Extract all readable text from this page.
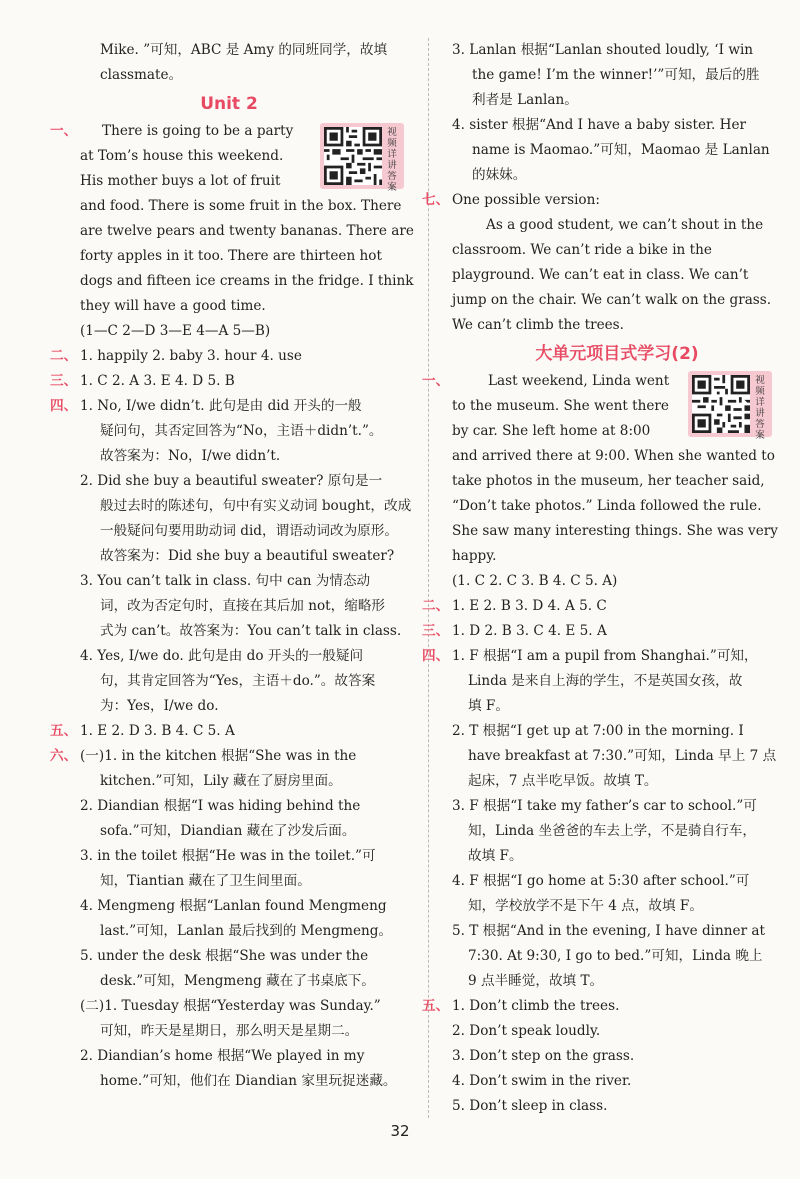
Mike. ”可知，ABC 是 Amy 的同班同学，故填

classmate。

Unit 2

一、 There is going to be a party

at Tom’s house this weekend.

His mother buys a lot of fruit

and food. There is some fruit in the box. There

are twelve pears and twenty bananas. There are

forty apples in it too. There are thirteen hot

dogs and fifteen ice creams in the fridge. I think

they will have a good time.

视频详讲答案

(1—C 2—D 3—E 4—A 5—B)

二、 1. happily 2. baby 3. hour 4. use

三、 1. C 2. A 3. E 4. D 5. B

四、 1. No, I/we didn’t. 此句是由 did 开头的一般

疑问句，其否定回答为“No，主语＋didn’t.”。

故答案为：No，I/we didn’t.

2. Did she buy a beautiful sweater? 原句是一

般过去时的陈述句，句中有实义动词 bought，改成

一般疑问句要用助动词 did，谓语动词改为原形。

故答案为：Did she buy a beautiful sweater?

3. You can’t talk in class. 句中 can 为情态动

词，改为否定句时，直接在其后加 not，缩略形

式为 can’t。故答案为：You can’t talk in class.

4. Yes, I/we do. 此句是由 do 开头的一般疑问

句，其肯定回答为“Yes，主语＋do.”。故答案

为：Yes，I/we do.

五、 1. E 2. D 3. B 4. C 5. A

六、 (一)1. in the kitchen 根据“She was in the

kitchen.”可知，Lily 藏在了厨房里面。

2. Diandian 根据“I was hiding behind the

sofa.”可知，Diandian 藏在了沙发后面。

3. in the toilet 根据“He was in the toilet.”可

知，Tiantian 藏在了卫生间里面。

4. Mengmeng 根据“Lanlan found Mengmeng

last.”可知，Lanlan 最后找到的 Mengmeng。

5. under the desk 根据“She was under the

desk.”可知，Mengmeng 藏在了书桌底下。

(二)1. Tuesday 根据“Yesterday was Sunday.”

可知，昨天是星期日，那么明天是星期二。

2. Diandian’s home 根据“We played in my

home.”可知，他们在 Diandian 家里玩捉迷藏。

3. Lanlan 根据“Lanlan shouted loudly, ‘I win

the game! I’m the winner!’”可知，最后的胜

利者是 Lanlan。

4. sister 根据“And I have a baby sister. Her

name is Maomao.”可知，Maomao 是 Lanlan

的妹妹。

七、 One possible version:

As a good student, we can’t shout in the

classroom. We can’t ride a bike in the

playground. We can’t eat in class. We can’t

jump on the chair. We can’t walk on the grass.

We can’t climb the trees.

大单元项目式学习(2)

一、	Last weekend, Linda went

to the museum. She went there

by car. She left home at 8:00

and arrived there at 9:00. When she wanted to

take photos in the museum, her teacher said,

“Don’t take photos.” Linda followed the rule.

She saw many interesting things. She was very

happy.

视频详讲答案

(1. C 2. C 3. B 4. C 5. A)

二、 1. E 2. B 3. D 4. A 5. C

三、 1. D 2. B 3. C 4. E 5. A

四、 1. F 根据“I am a pupil from Shanghai.”可知，

Linda 是来自上海的学生，不是英国女孩，故

填 F。

2. T 根据“I get up at 7:00 in the morning. I

have breakfast at 7:30.”可知，Linda 早上 7 点

起床，7 点半吃早饭。故填 T。

3. F 根据“I take my father’s car to school.”可

知，Linda 坐爸爸的车去上学，不是骑自行车，

故填 F。

4. F 根据“I go home at 5:30 after school.”可

知，学校放学不是下午 4 点，故填 F。

5. T 根据“And in the evening, I have dinner at

7:30. At 9:30, I go to bed.”可知，Linda 晚上

9 点半睡觉，故填 T。

五、 1. Don’t climb the trees.

2. Don’t speak loudly.

3. Don’t step on the grass.

4. Don’t swim in the river.

5. Don’t sleep in class.

32
